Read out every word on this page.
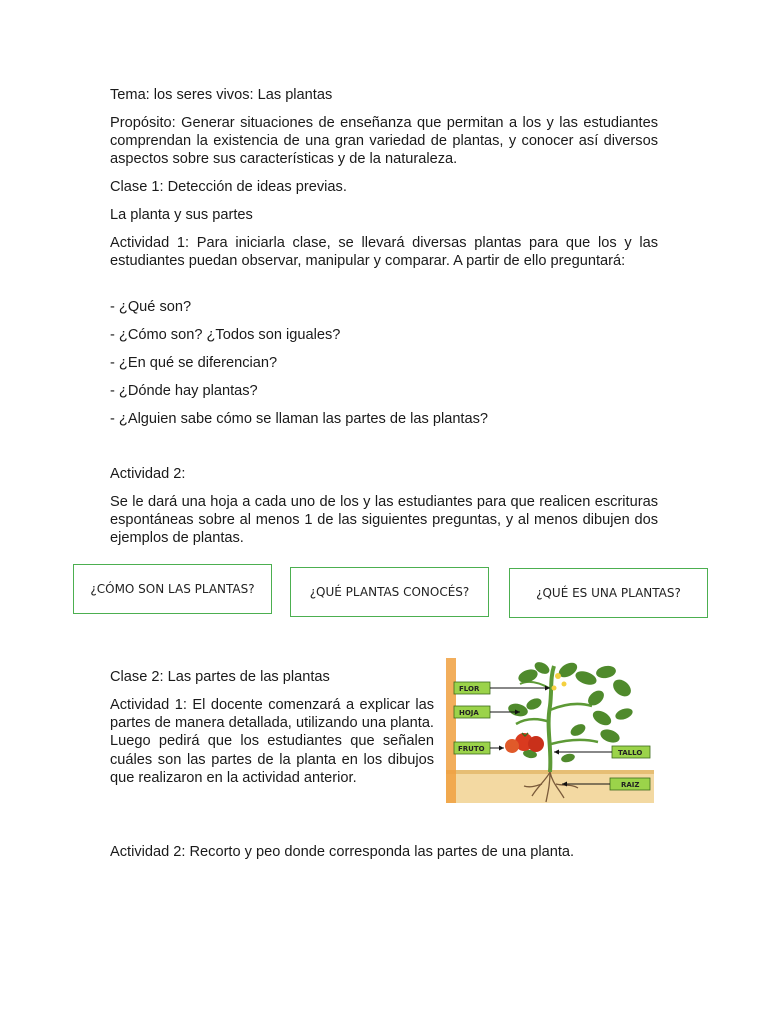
Tema: los seres vivos: Las plantas

Propósito: Generar situaciones de enseñanza que permitan a los y las estudiantes comprendan la existencia de una gran variedad de plantas, y conocer así diversos aspectos sobre sus características y de la naturaleza.

Clase 1: Detección de ideas previas.

La planta y sus partes

Actividad 1: Para iniciarla clase, se llevará diversas plantas para que los y las estudiantes puedan observar, manipular y comparar. A partir de ello preguntará:

- ¿Qué son?

- ¿Cómo son? ¿Todos son iguales?

- ¿En qué se diferencian?

- ¿Dónde hay plantas?

- ¿Alguien sabe cómo se llaman las partes de las plantas?

Actividad 2:

Se le dará una hoja a cada uno de los y las estudiantes para que realicen escrituras espontáneas sobre al menos 1 de las siguientes preguntas, y al menos dibujen dos ejemplos de plantas.

¿CÓMO SON LAS PLANTAS?	¿QUÉ PLANTAS CONOCÉS?	¿QUÉ ES UNA PLANTAS?

Clase 2: Las partes de las plantas

Actividad 1: El docente comenzará a explicar las partes de manera detallada, utilizando una planta. Luego pedirá que los estudiantes que señalen cuáles son las partes de la planta en los dibujos que realizaron en la actividad anterior.

FLOR
HOJA
FRUTO	TALLO
RAIZ

Actividad 2: Recorto y peo donde corresponda las partes de una planta.
